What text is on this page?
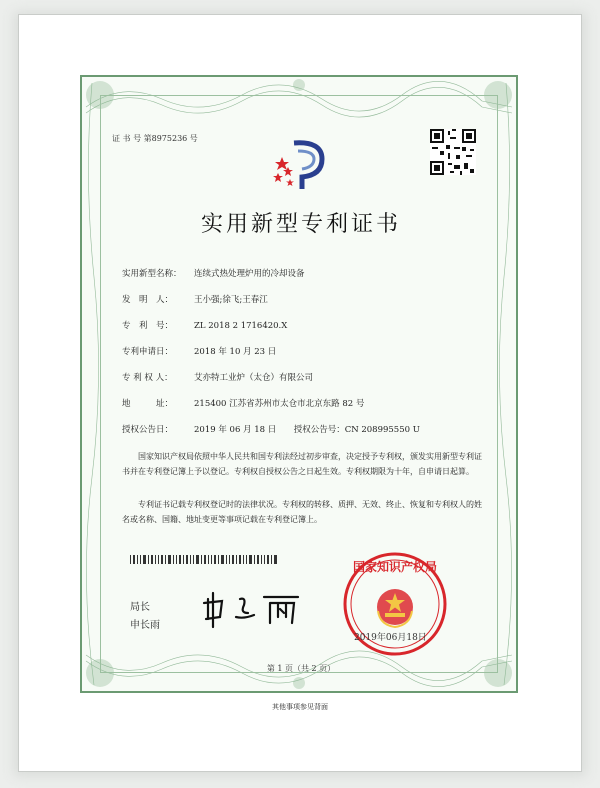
证 书 号 第8975236 号
实用新型专利证书
实用新型名称： 连续式热处理炉用的冷却设备
发　明　人： 王小强;徐飞;王春江
专　利　号： ZL 2018 2 1716420.X
专利申请日： 2018 年 10 月 23 日
专 利 权 人：	艾亦特工业炉（太仓）有限公司
地　　　址： 215400 江苏省苏州市太仓市北京东路 82 号
授权公告日： 2019 年 06 月 18 日 授权公告号：CN 208995550 U
国家知识产权局依照中华人民共和国专利法经过初步审查，决定授予专利权，颁发实用新型专利证书并在专利登记簿上予以登记。专利权自授权公告之日起生效。专利权期限为十年，自申请日起算。
专利证书记载专利权登记时的法律状况。专利权的转移、质押、无效、终止、恢复和专利权人的姓名或名称、国籍、地址变更等事项记载在专利登记簿上。
局长
申长雨
国家知识产权局
2019年06月18日
第 1 页（共 2 页）
其他事项参见背面
